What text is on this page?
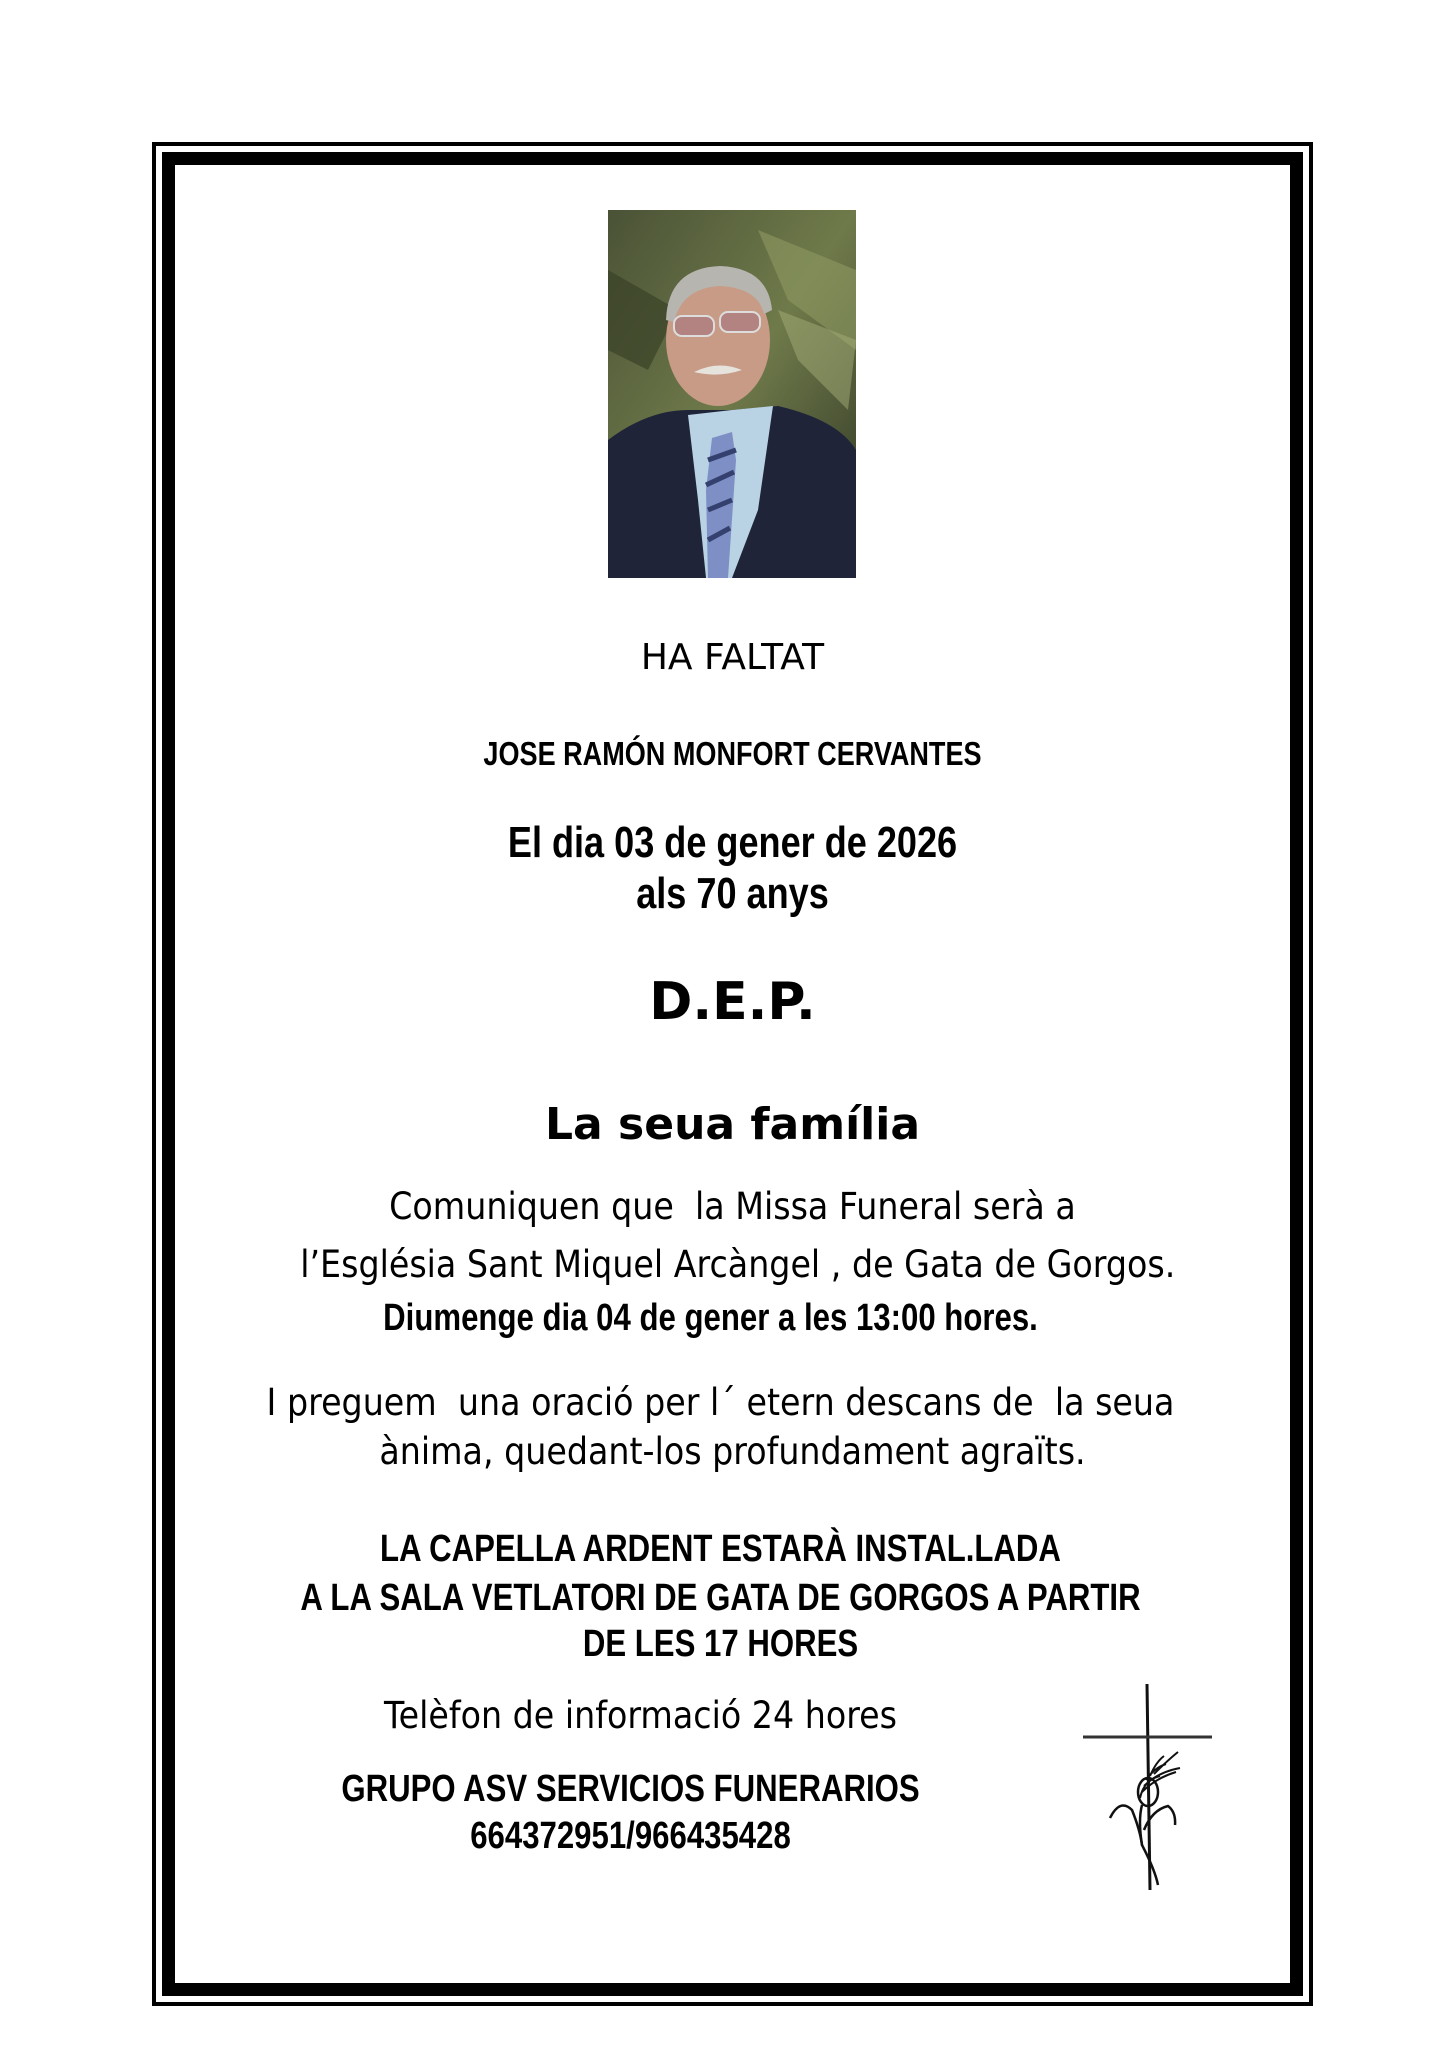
HA FALTAT
JOSE RAMÓN MONFORT CERVANTES
El dia 03 de gener de 2026
als 70 anys
D.E.P.
La seua família
Comuniquen que  la Missa Funeral serà a
l’Església Sant Miquel Arcàngel , de Gata de Gorgos.
Diumenge dia 04 de gener a les 13:00 hores.
I preguem  una oració per l´ etern descans de  la seua
ànima, quedant-los profundament agraïts.
LA CAPELLA ARDENT ESTARÀ INSTAL.LADA
A LA SALA VETLATORI DE GATA DE GORGOS A PARTIR
DE LES 17 HORES
Telèfon de informació 24 hores
GRUPO ASV SERVICIOS FUNERARIOS
664372951/966435428
